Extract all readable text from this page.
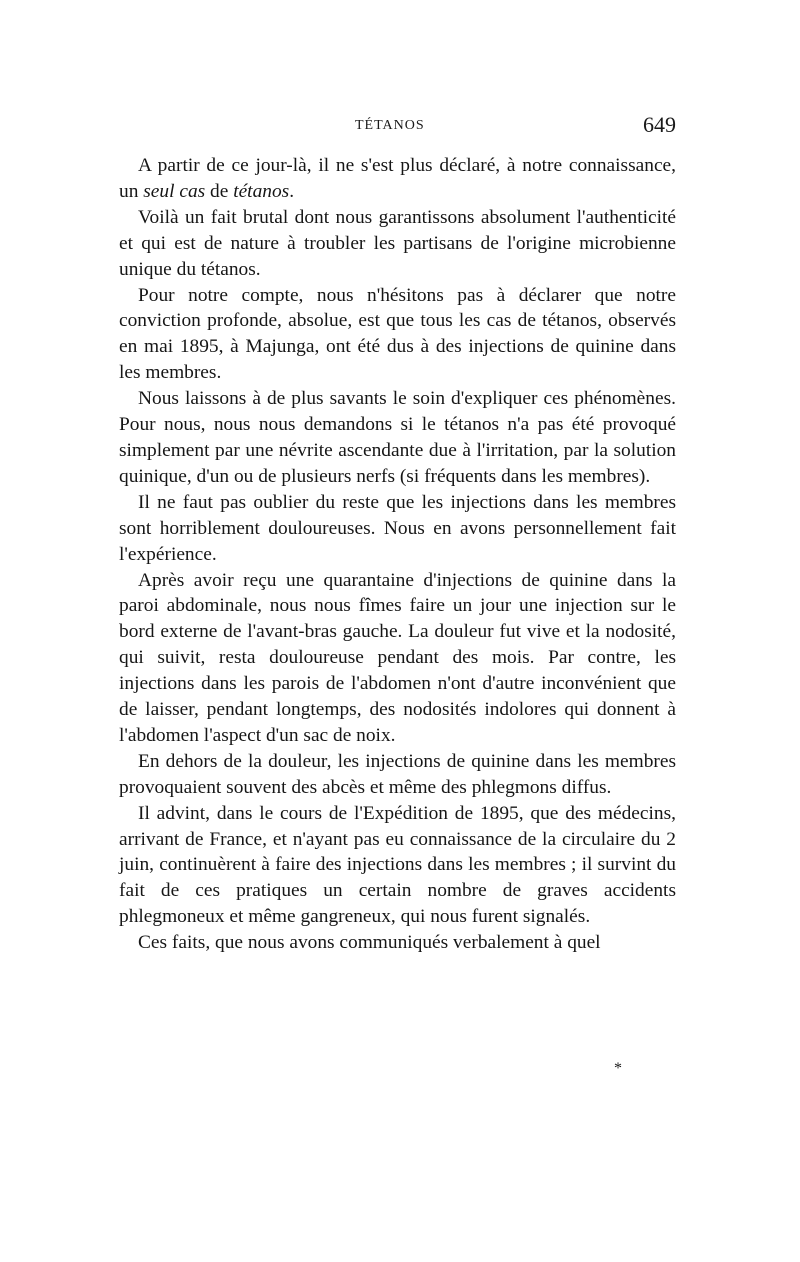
TÉTANOS	649

A partir de ce jour-là, il ne s'est plus déclaré, à notre connaissance, un seul cas de tétanos.

Voilà un fait brutal dont nous garantissons absolument l'authenticité et qui est de nature à troubler les partisans de l'origine microbienne unique du tétanos.

Pour notre compte, nous n'hésitons pas à déclarer que notre conviction profonde, absolue, est que tous les cas de tétanos, observés en mai 1895, à Majunga, ont été dus à des injections de quinine dans les membres.

Nous laissons à de plus savants le soin d'expliquer ces phénomènes. Pour nous, nous nous demandons si le tétanos n'a pas été provoqué simplement par une névrite ascendante due à l'irritation, par la solution quinique, d'un ou de plusieurs nerfs (si fréquents dans les membres).

Il ne faut pas oublier du reste que les injections dans les membres sont horriblement douloureuses. Nous en avons personnellement fait l'expérience.

Après avoir reçu une quarantaine d'injections de quinine dans la paroi abdominale, nous nous fîmes faire un jour une injection sur le bord externe de l'avant-bras gauche. La douleur fut vive et la nodosité, qui suivit, resta douloureuse pendant des mois. Par contre, les injections dans les parois de l'abdomen n'ont d'autre inconvénient que de laisser, pendant longtemps, des nodosités indolores qui donnent à l'abdomen l'aspect d'un sac de noix.

En dehors de la douleur, les injections de quinine dans les membres provoquaient souvent des abcès et même des phlegmons diffus.

Il advint, dans le cours de l'Expédition de 1895, que des médecins, arrivant de France, et n'ayant pas eu connaissance de la circulaire du 2 juin, continuèrent à faire des injections dans les membres ; il survint du fait de ces pratiques un certain nombre de graves accidents phlegmoneux et même gangreneux, qui nous furent signalés.

Ces faits, que nous avons communiqués verbalement à quel

*
